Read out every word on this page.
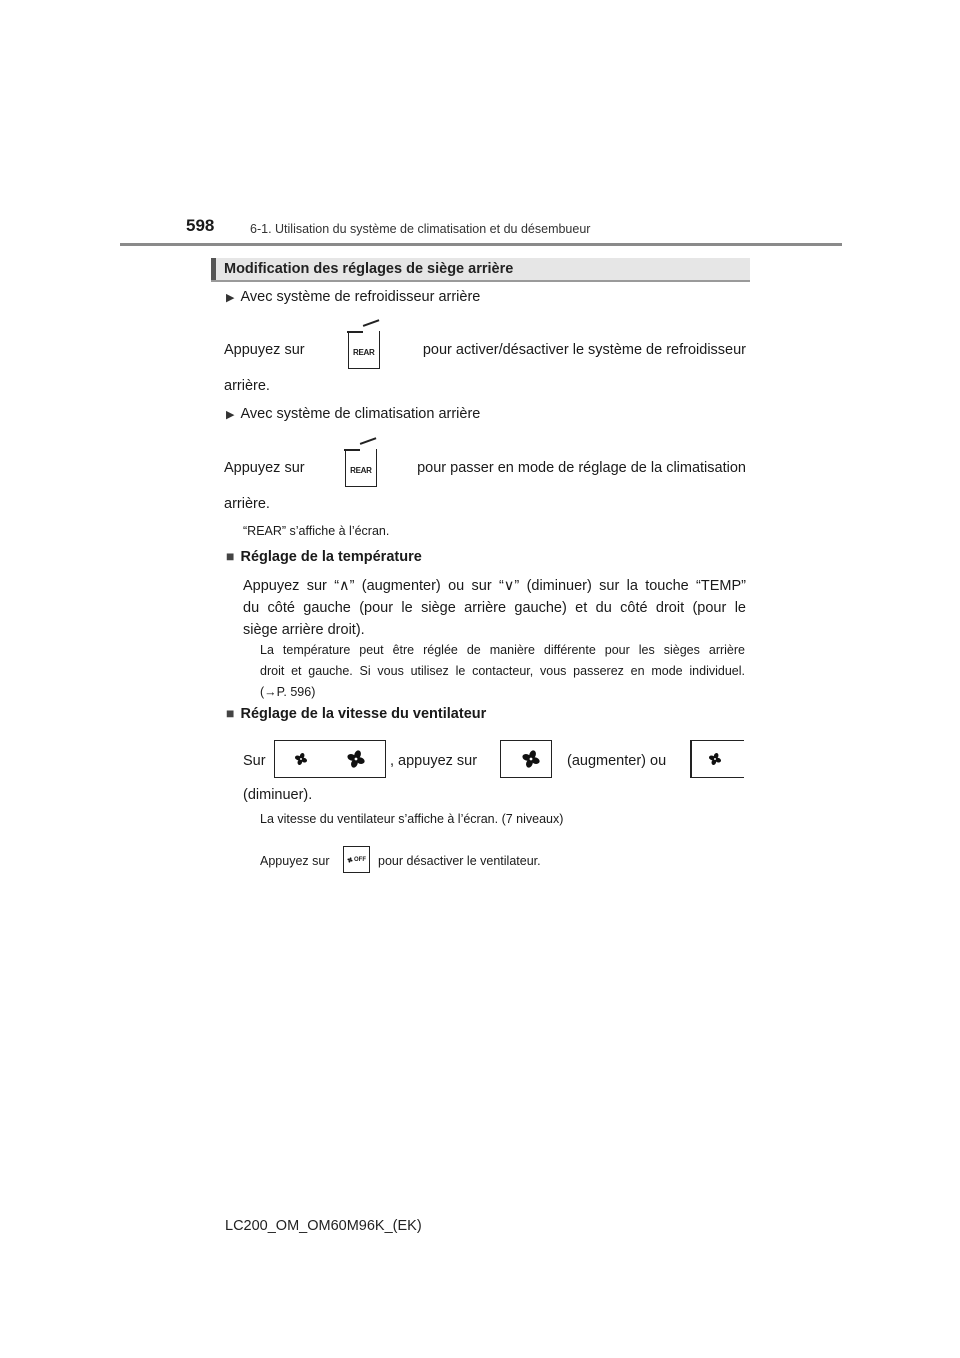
598	6-1. Utilisation du système de climatisation et du désembueur
Modification des réglages de siège arrière
▶ Avec système de refroidisseur arrière
Appuyez sur	REAR	pour activer/désactiver le système de refroidisseur
arrière.
▶ Avec système de climatisation arrière
Appuyez sur	REAR	pour passer en mode de réglage de la climatisation
arrière.
“REAR” s’affiche à l’écran.
■ Réglage de la température
Appuyez sur “∧” (augmenter) ou sur “∨” (diminuer) sur la touche “TEMP”
du côté gauche (pour le siège arrière gauche) et du côté droit (pour le
siège arrière droit).
La température peut être réglée de manière différente pour les sièges arrière
droit et gauche. Si vous utilisez le contacteur, vous passerez en mode individuel.
(→P. 596)
■ Réglage de la vitesse du ventilateur
Sur	, appuyez sur	(augmenter) ou
(diminuer).
La vitesse du ventilateur s’affiche à l’écran. (7 niveaux)
Appuyez sur	OFF pour désactiver le ventilateur.
LC200_OM_OM60M96K_(EK)
